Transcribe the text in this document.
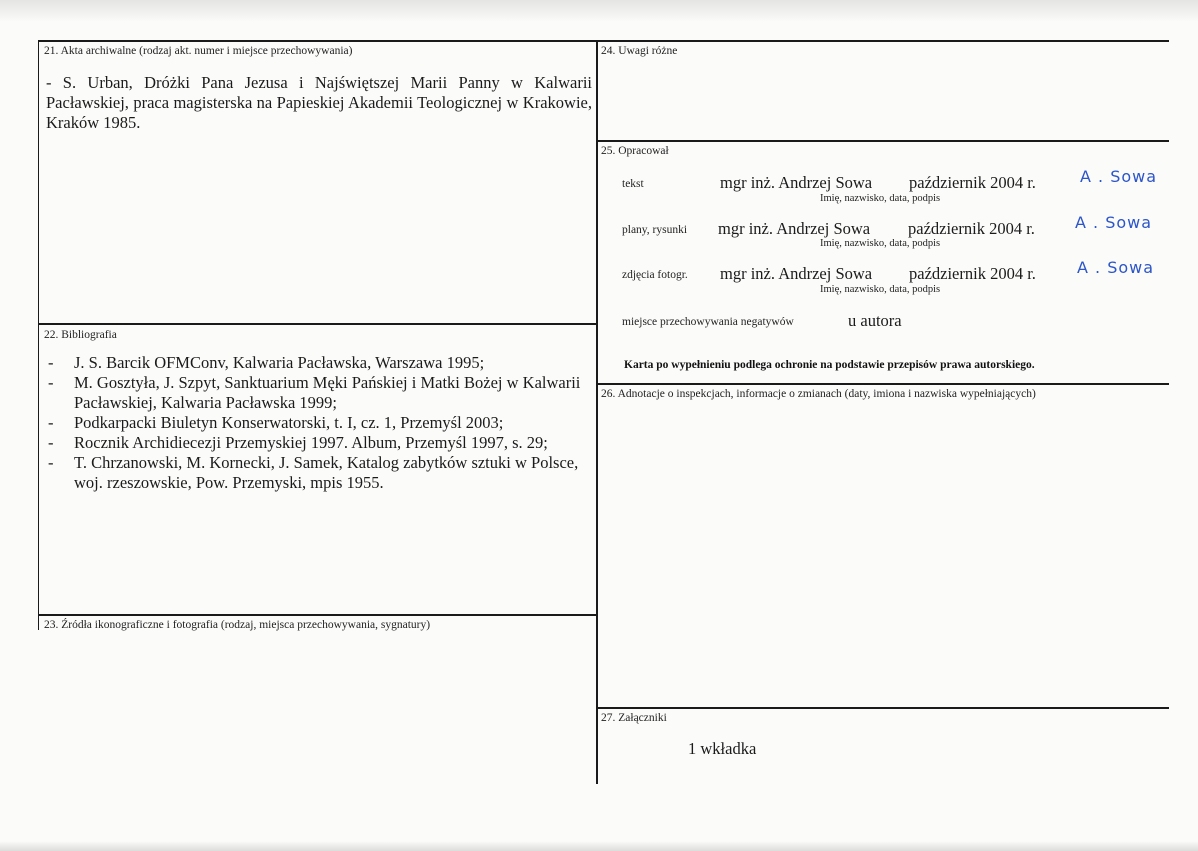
21. Akta archiwalne (rodzaj akt. numer i miejsce przechowywania)
- S. Urban, Dróżki Pana Jezusa i Najświętszej Marii Panny w Kalwarii Pacławskiej, praca magisterska na Papieskiej Akademii Teologicznej w Krakowie, Kraków 1985.
22. Bibliografia
- J. S. Barcik OFMConv, Kalwaria Pacławska, Warszawa 1995;
- M. Gosztyła, J. Szpyt, Sanktuarium Męki Pańskiej i Matki Bożej w Kalwarii Pacławskiej, Kalwaria Pacławska 1999;
- Podkarpacki Biuletyn Konserwatorski, t. I, cz. 1, Przemyśl 2003;
- Rocznik Archidiecezji Przemyskiej 1997. Album, Przemyśl 1997, s. 29;
- T. Chrzanowski, M. Kornecki, J. Samek, Katalog zabytków sztuki w Polsce, woj. rzeszowskie, Pow. Przemyski, mpis 1955.
23. Źródła ikonograficzne i fotografia (rodzaj, miejsca przechowywania, sygnatury)
24. Uwagi różne
25. Opracował
tekst	mgr inż. Andrzej Sowa październik 2004 r.	A . Sowa
Imię, nazwisko, data, podpis
plany, rysunki mgr inż. Andrzej Sowa październik 2004 r.	A . Sowa
Imię, nazwisko, data, podpis
zdjęcia fotogr. mgr inż. Andrzej Sowa październik 2004 r.	A . Sowa
Imię, nazwisko, data, podpis
miejsce przechowywania negatywów	u autora
Karta po wypełnieniu podlega ochronie na podstawie przepisów prawa autorskiego.
26. Adnotacje o inspekcjach, informacje o zmianach (daty, imiona i nazwiska wypełniających)
27. Załączniki
1 wkładka
